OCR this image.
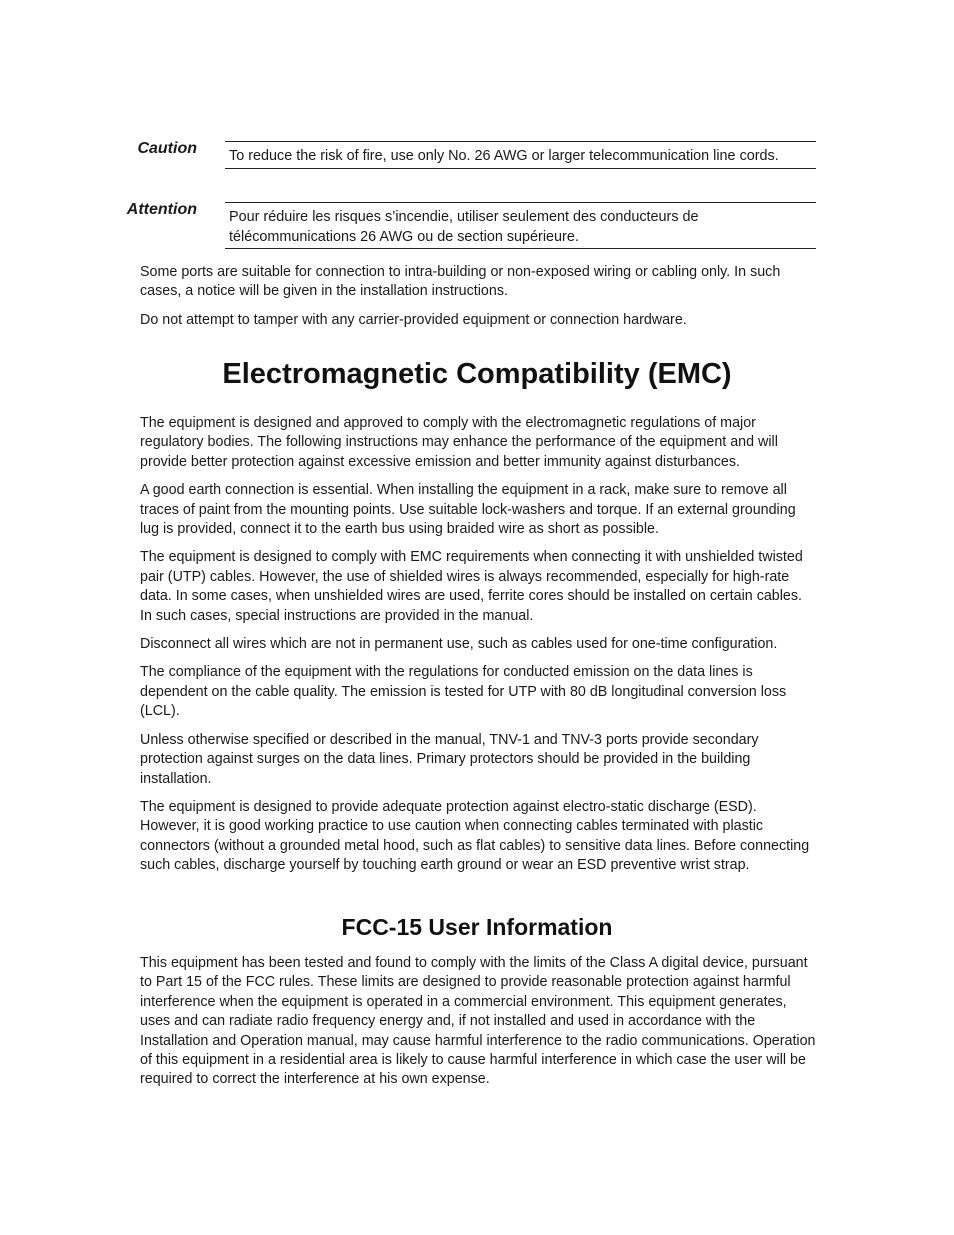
Caution To reduce the risk of fire, use only No. 26 AWG or larger telecommunication line cords.
Attention Pour réduire les risques s’incendie, utiliser seulement des conducteurs de
télécommunications 26 AWG ou de section supérieure.

Some ports are suitable for connection to intra-building or non-exposed wiring or cabling only. In such cases, a notice will be given in the installation instructions.

Do not attempt to tamper with any carrier-provided equipment or connection hardware.

Electromagnetic Compatibility (EMC)

The equipment is designed and approved to comply with the electromagnetic regulations of major regulatory bodies. The following instructions may enhance the performance of the equipment and will provide better protection against excessive emission and better immunity against disturbances.

A good earth connection is essential. When installing the equipment in a rack, make sure to remove all traces of paint from the mounting points. Use suitable lock-washers and torque. If an external grounding lug is provided, connect it to the earth bus using braided wire as short as possible.

The equipment is designed to comply with EMC requirements when connecting it with unshielded twisted pair (UTP) cables. However, the use of shielded wires is always recommended, especially for high-rate data. In some cases, when unshielded wires are used, ferrite cores should be installed on certain cables. In such cases, special instructions are provided in the manual.

Disconnect all wires which are not in permanent use, such as cables used for one-time configuration.

The compliance of the equipment with the regulations for conducted emission on the data lines is dependent on the cable quality. The emission is tested for UTP with 80 dB longitudinal conversion loss (LCL).

Unless otherwise specified or described in the manual, TNV-1 and TNV-3 ports provide secondary protection against surges on the data lines. Primary protectors should be provided in the building installation.

The equipment is designed to provide adequate protection against electro-static discharge (ESD). However, it is good working practice to use caution when connecting cables terminated with plastic connectors (without a grounded metal hood, such as flat cables) to sensitive data lines. Before connecting such cables, discharge yourself by touching earth ground or wear an ESD preventive wrist strap.

FCC-15 User Information

This equipment has been tested and found to comply with the limits of the Class A digital device, pursuant to Part 15 of the FCC rules. These limits are designed to provide reasonable protection against harmful interference when the equipment is operated in a commercial environment. This equipment generates, uses and can radiate radio frequency energy and, if not installed and used in accordance with the Installation and Operation manual, may cause harmful interference to the radio communications. Operation of this equipment in a residential area is likely to cause harmful interference in which case the user will be required to correct the interference at his own expense.
